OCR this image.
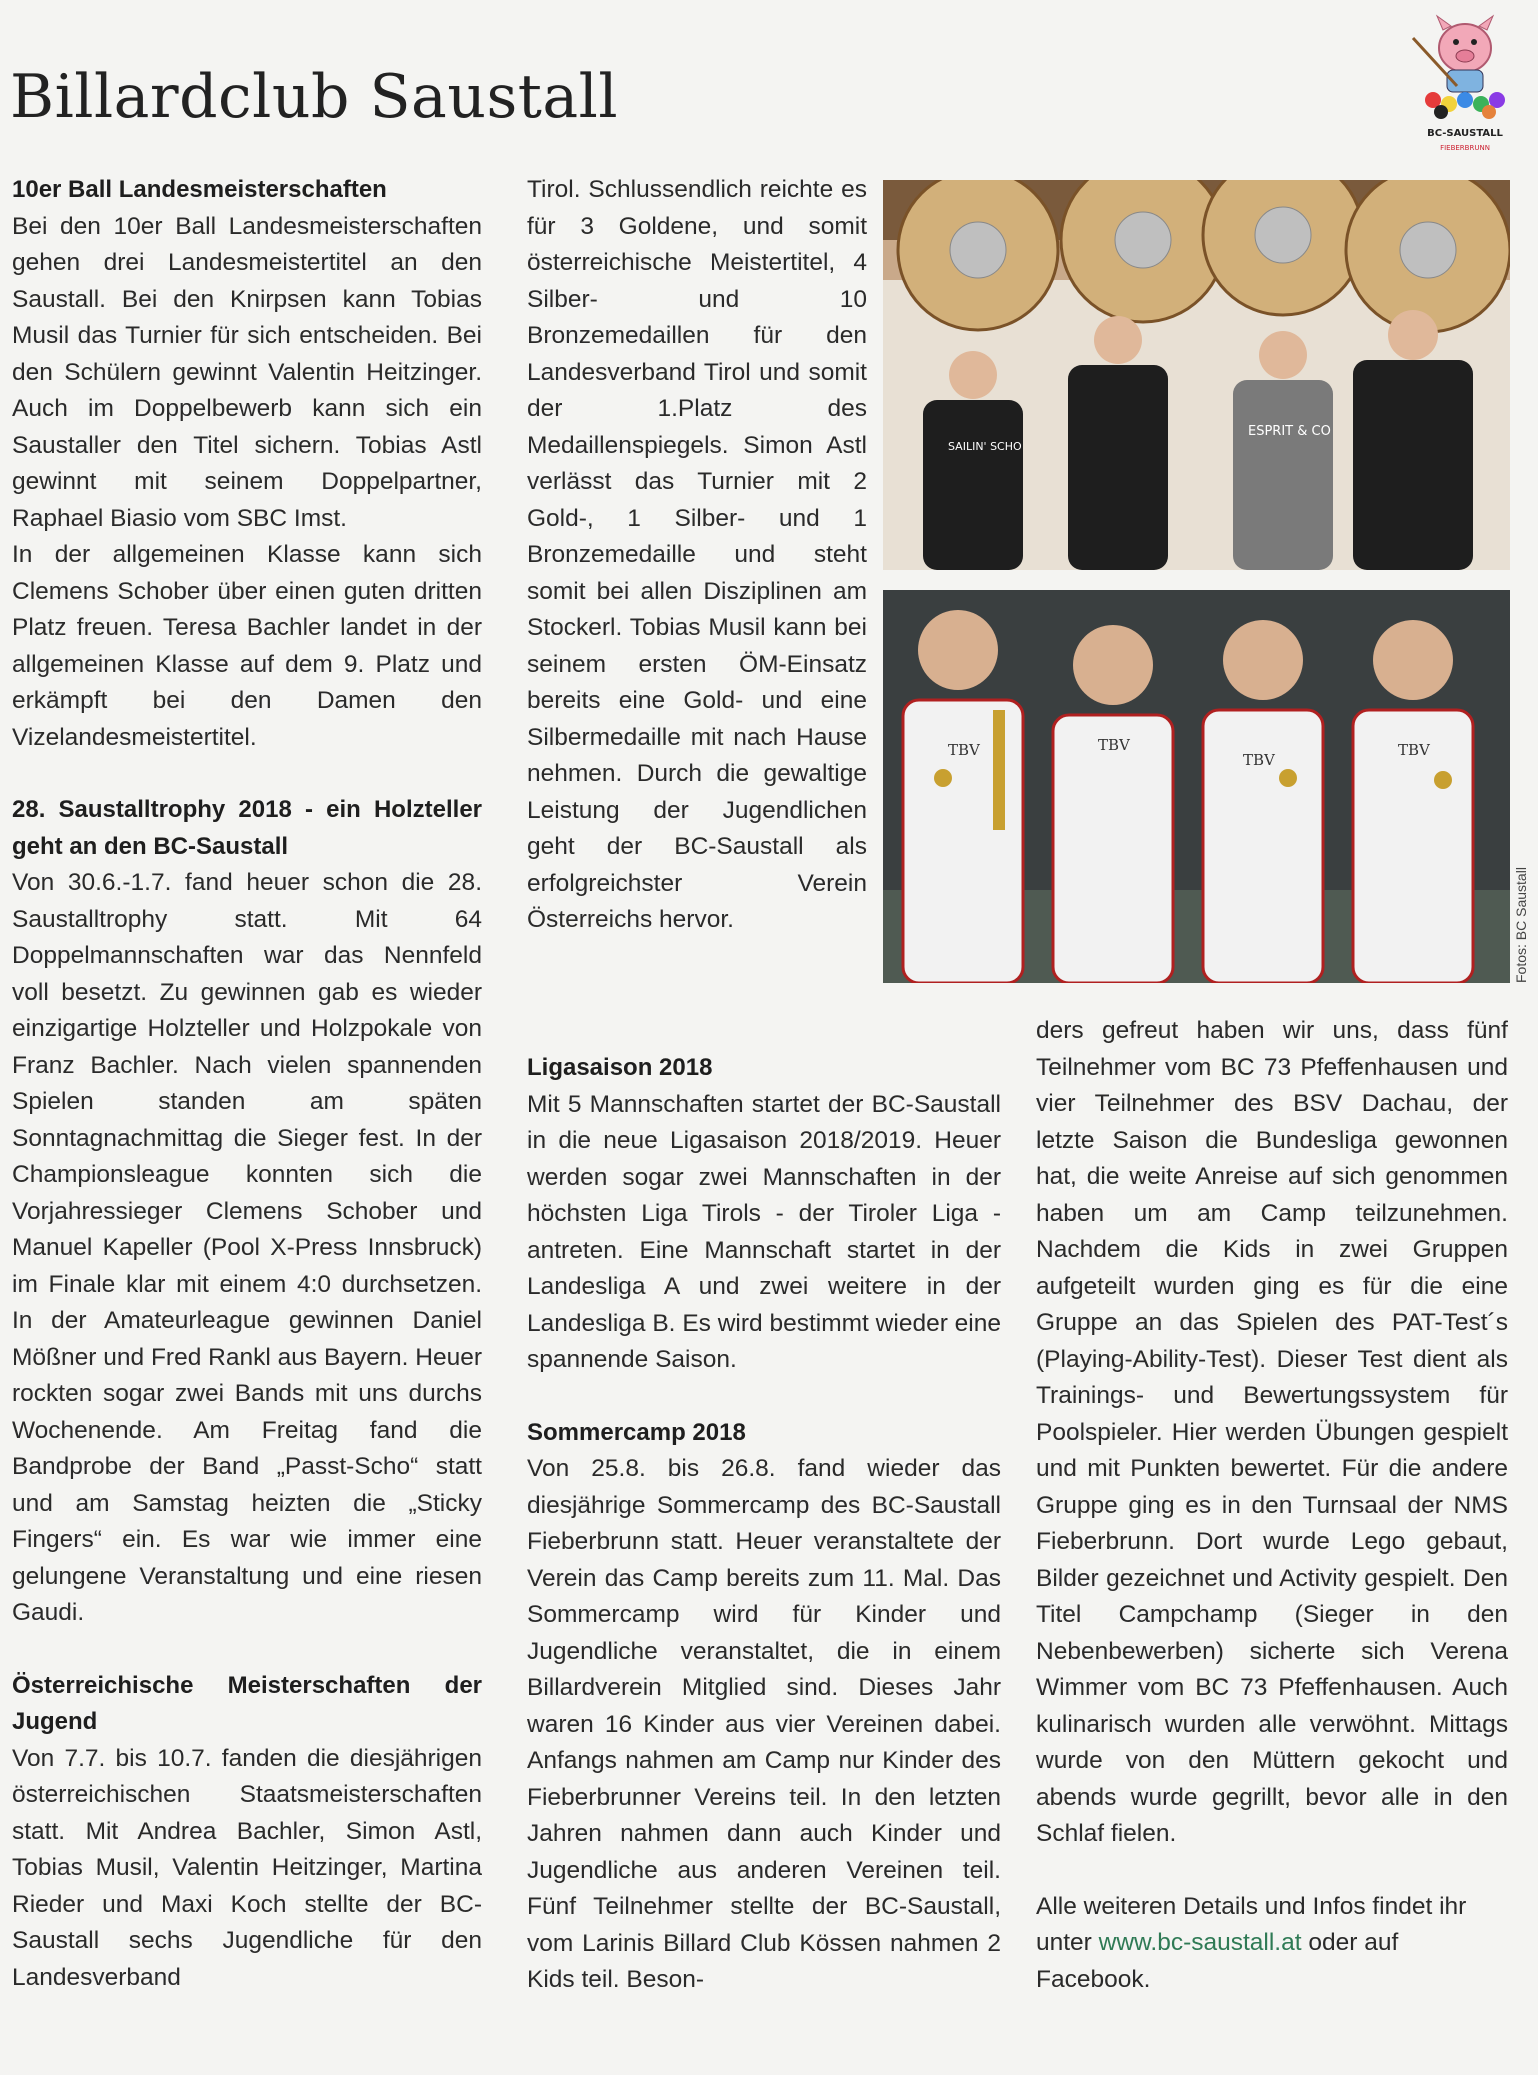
Billardclub Saustall
BC-SAUSTALL
FIEBERBRUNN
10er Ball Landesmeisterschaften

Bei den 10er Ball Landesmeisterschaften gehen drei Landesmeistertitel an den Saustall. Bei den Knirpsen kann Tobias Musil das Turnier für sich entscheiden. Bei den Schülern gewinnt Valentin Heitzinger. Auch im Doppelbewerb kann sich ein Saustaller den Titel sichern. Tobias Astl gewinnt mit seinem Doppelpartner, Raphael Biasio vom SBC Imst.

In der allgemeinen Klasse kann sich Clemens Schober über einen guten dritten Platz freuen. Teresa Bachler landet in der allgemeinen Klasse auf dem 9. Platz und erkämpft bei den Damen den Vizelandesmeistertitel.

28. Saustalltrophy 2018 - ein Holzteller geht an den BC-Saustall

Von 30.6.-1.7. fand heuer schon die 28. Saustalltrophy statt. Mit 64 Doppelmannschaften war das Nennfeld voll besetzt. Zu gewinnen gab es wieder einzigartige Holzteller und Holzpokale von Franz Bachler. Nach vielen spannenden Spielen standen am späten Sonntagnachmittag die Sieger fest. In der Championsleague konnten sich die Vorjahressieger Clemens Schober und Manuel Kapeller (Pool X-Press Innsbruck) im Finale klar mit einem 4:0 durchsetzen. In der Amateurleague gewinnen Daniel Mößner und Fred Rankl aus Bayern. Heuer rockten sogar zwei Bands mit uns durchs Wochenende. Am Freitag fand die Bandprobe der Band „Passt-Scho“ statt und am Samstag heizten die „Sticky Fingers“ ein. Es war wie immer eine gelungene Veranstaltung und eine riesen Gaudi.

Österreichische Meisterschaften der Jugend

Von 7.7. bis 10.7. fanden die diesjährigen österreichischen Staatsmeisterschaften statt. Mit Andrea Bachler, Simon Astl, Tobias Musil, Valentin Heitzinger, Martina Rieder und Maxi Koch stellte der BC-Saustall sechs Jugendliche für den Landesverband

Tirol. Schlussendlich reichte es für 3 Goldene, und somit österreichische Meistertitel, 4 Silber- und 10 Bronzemedaillen für den Landesverband Tirol und somit der 1.Platz des Medaillenspiegels. Simon Astl verlässt das Turnier mit 2 Gold-, 1 Silber- und 1 Bronzemedaille und steht somit bei allen Disziplinen am Stockerl. Tobias Musil kann bei seinem ersten ÖM-Einsatz bereits eine Gold- und eine Silbermedaille mit nach Hause nehmen. Durch die gewaltige Leistung der Jugendlichen geht der BC-Saustall als erfolgreichster Verein Österreichs hervor.

Ligasaison 2018

Mit 5 Mannschaften startet der BC-Saustall in die neue Ligasaison 2018/2019. Heuer werden sogar zwei Mannschaften in der höchsten Liga Tirols - der Tiroler Liga - antreten. Eine Mannschaft startet in der Landesliga A und zwei weitere in der Landesliga B. Es wird bestimmt wieder eine spannende Saison.

Sommercamp 2018

Von 25.8. bis 26.8. fand wieder das diesjährige Sommercamp des BC-Saustall Fieberbrunn statt. Heuer veranstaltete der Verein das Camp bereits zum 11. Mal. Das Sommercamp wird für Kinder und Jugendliche veranstaltet, die in einem Billardverein Mitglied sind. Dieses Jahr waren 16 Kinder aus vier Vereinen dabei. Anfangs nahmen am Camp nur Kinder des Fieberbrunner Vereins teil. In den letzten Jahren nahmen dann auch Kinder und Jugendliche aus anderen Vereinen teil. Fünf Teilnehmer stellte der BC-Saustall, vom Larinis Billard Club Kössen nahmen 2 Kids teil. Beson-

ders gefreut haben wir uns, dass fünf Teilnehmer vom BC 73 Pfeffenhausen und vier Teilnehmer des BSV Dachau, der letzte Saison die Bundesliga gewonnen hat, die weite Anreise auf sich genommen haben um am Camp teilzunehmen. Nachdem die Kids in zwei Gruppen aufgeteilt wurden ging es für die eine Gruppe an das Spielen des PAT-Test´s (Playing-Ability-Test). Dieser Test dient als Trainings- und Bewertungssystem für Poolspieler. Hier werden Übungen gespielt und mit Punkten bewertet. Für die andere Gruppe ging es in den Turnsaal der NMS Fieberbrunn. Dort wurde Lego gebaut, Bilder gezeichnet und Activity gespielt. Den Titel Campchamp (Sieger in den Nebenbewerben) sicherte sich Verena Wimmer vom BC 73 Pfeffenhausen. Auch kulinarisch wurden alle verwöhnt. Mittags wurde von den Müttern gekocht und abends wurde gegrillt, bevor alle in den Schlaf fielen.

Alle weiteren Details und Infos findet ihr unter www.bc-saustall.at oder auf Facebook.

SAILIN' SCHO
ESPRIT & CO
TBV	TBV
TBV
TBV
Fotos: BC Saustall
